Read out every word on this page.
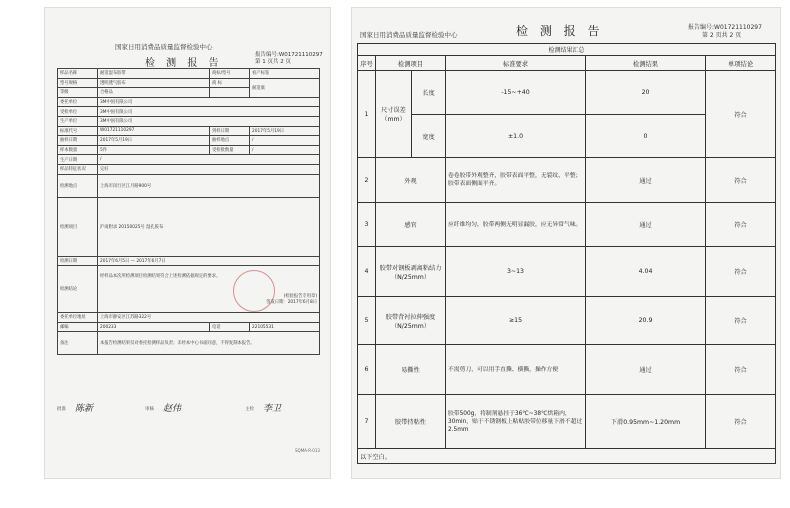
国家日用消费品质量监督检验中心
报告编号:W01721110297
第 1 页共 2 页
检 测 报 告
样品名称	耐适湿布胶带	商标/型号	看产标签
型号规格	透明透气胶布	商 标	耐适康
等级	合格品		
委托单位	3M中国有限公司		
受检单位	3M中国有限公司		
生产单位	3M中国有限公司		
标准代号	W01721110297	到样日期	2017年5月19日
抽样日期	2017年5月19日	抽样地点	/
样本数量	5件	受检批数量	/
生产日期	/		
样品特征状况	完好		
检测地点	上海市闵行区江月路900号		
检测项目	沪岗附录 20150025号 湿孔胶布		
检测日期	2017年6月5日 — 2017年6月7日		
检测结论	经样品本次所检测项目检测结果符合上述检测依据规定的要求。
(检验报告专用章)
签发日期：2017年6月8日		

委托单位地址	上海市静安区江苏路322号		
邮编	200233	电话	22105531
备注	本报告检测结果仅对委托检测样品负责；未经本中心书面同意，不得复制本报告。		
批准 陈新	审核 赵伟	主检 李卫
SQMA-R-013
国家日用消费品质量监督检验中心	检 测 报 告	报告编号:W01721110297
第 2 页共 2 页
检测结果汇总					
序号	检测项目		标准要求	检测结果	单项结论
1	尺寸误差（mm）	长度	-15~+40	20	符合
		宽度	±1.0	0	
2	外观		卷卷胶带外观整齐，胶带表面平整，无裂纹、平整；胶带表面侧面平齐。	通过	符合
3	感官		应纤维均匀，胶带两侧无明显漏胶，应无异常气味。	通过	符合
4	胶带对钢板剥离粘结力（N/25mm）		3~13	4.04	符合
5	胶带背衬拉伸强度（N/25mm）		≥15	20.9	符合
6	易撕性		不需剪刀，可以用手直撕、横撕，操作方便	通过	符合
7	胶带持粘性		胶带500g，将制剂悬挂于36℃~38℃烘箱内，30min，贴于不锈钢板上粘贴胶带位移量下滑不超过2.5mm	下滑0.95mm~1.20mm	符合
以下空白。					
